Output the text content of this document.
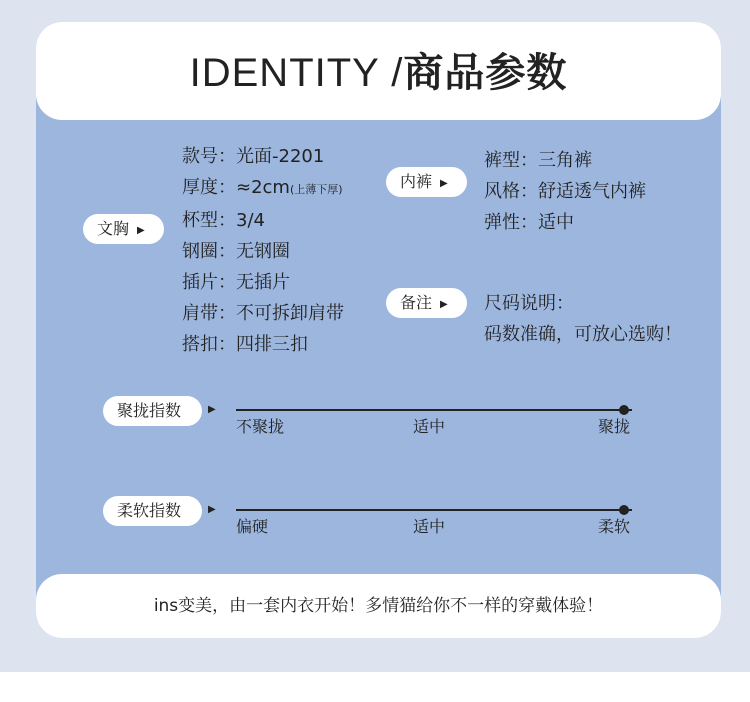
IDENTITY /商品参数
文胸 ▶
款号：光面-2201
厚度：≈2cm(上薄下厚)
杯型：3/4
钢圈：无钢圈
插片：无插片
肩带：不可拆卸肩带
搭扣：四排三扣
内裤 ▶
裤型：三角裤
风格：舒适透气内裤
弹性：适中
备注 ▶	尺码说明：
码数准确，可放心选购！
聚拢指数	▶
不聚拢	适中	聚拢
柔软指数	▶
偏硬	适中	柔软
ins变美，由一套内衣开始！多情猫给你不一样的穿戴体验！
